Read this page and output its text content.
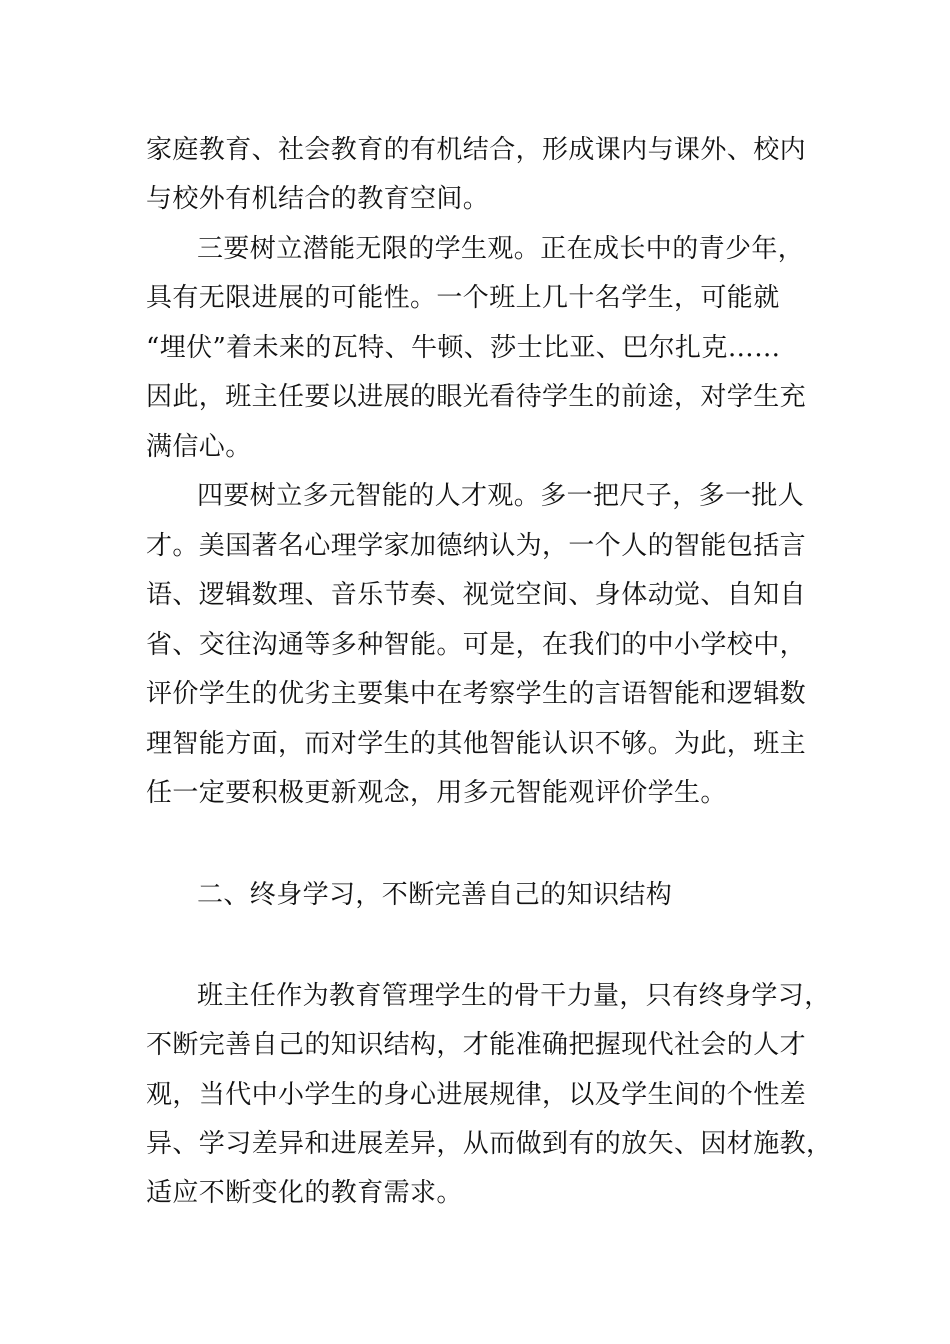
家庭教育、社会教育的有机结合，形成课内与课外、校内
与校外有机结合的教育空间。
三要树立潜能无限的学生观。正在成长中的青少年，
具有无限进展的可能性。一个班上几十名学生，可能就
“埋伏”着未来的瓦特、牛顿、莎士比亚、巴尔扎克……
因此，班主任要以进展的眼光看待学生的前途，对学生充
满信心。
四要树立多元智能的人才观。多一把尺子，多一批人
才。美国著名心理学家加德纳认为，一个人的智能包括言
语、逻辑数理、音乐节奏、视觉空间、身体动觉、自知自
省、交往沟通等多种智能。可是，在我们的中小学校中，
评价学生的优劣主要集中在考察学生的言语智能和逻辑数
理智能方面，而对学生的其他智能认识不够。为此，班主
任一定要积极更新观念，用多元智能观评价学生。
二、终身学习，不断完善自己的知识结构
班主任作为教育管理学生的骨干力量，只有终身学习，
不断完善自己的知识结构，才能准确把握现代社会的人才
观，当代中小学生的身心进展规律，以及学生间的个性差
异、学习差异和进展差异，从而做到有的放矢、因材施教，
适应不断变化的教育需求。
